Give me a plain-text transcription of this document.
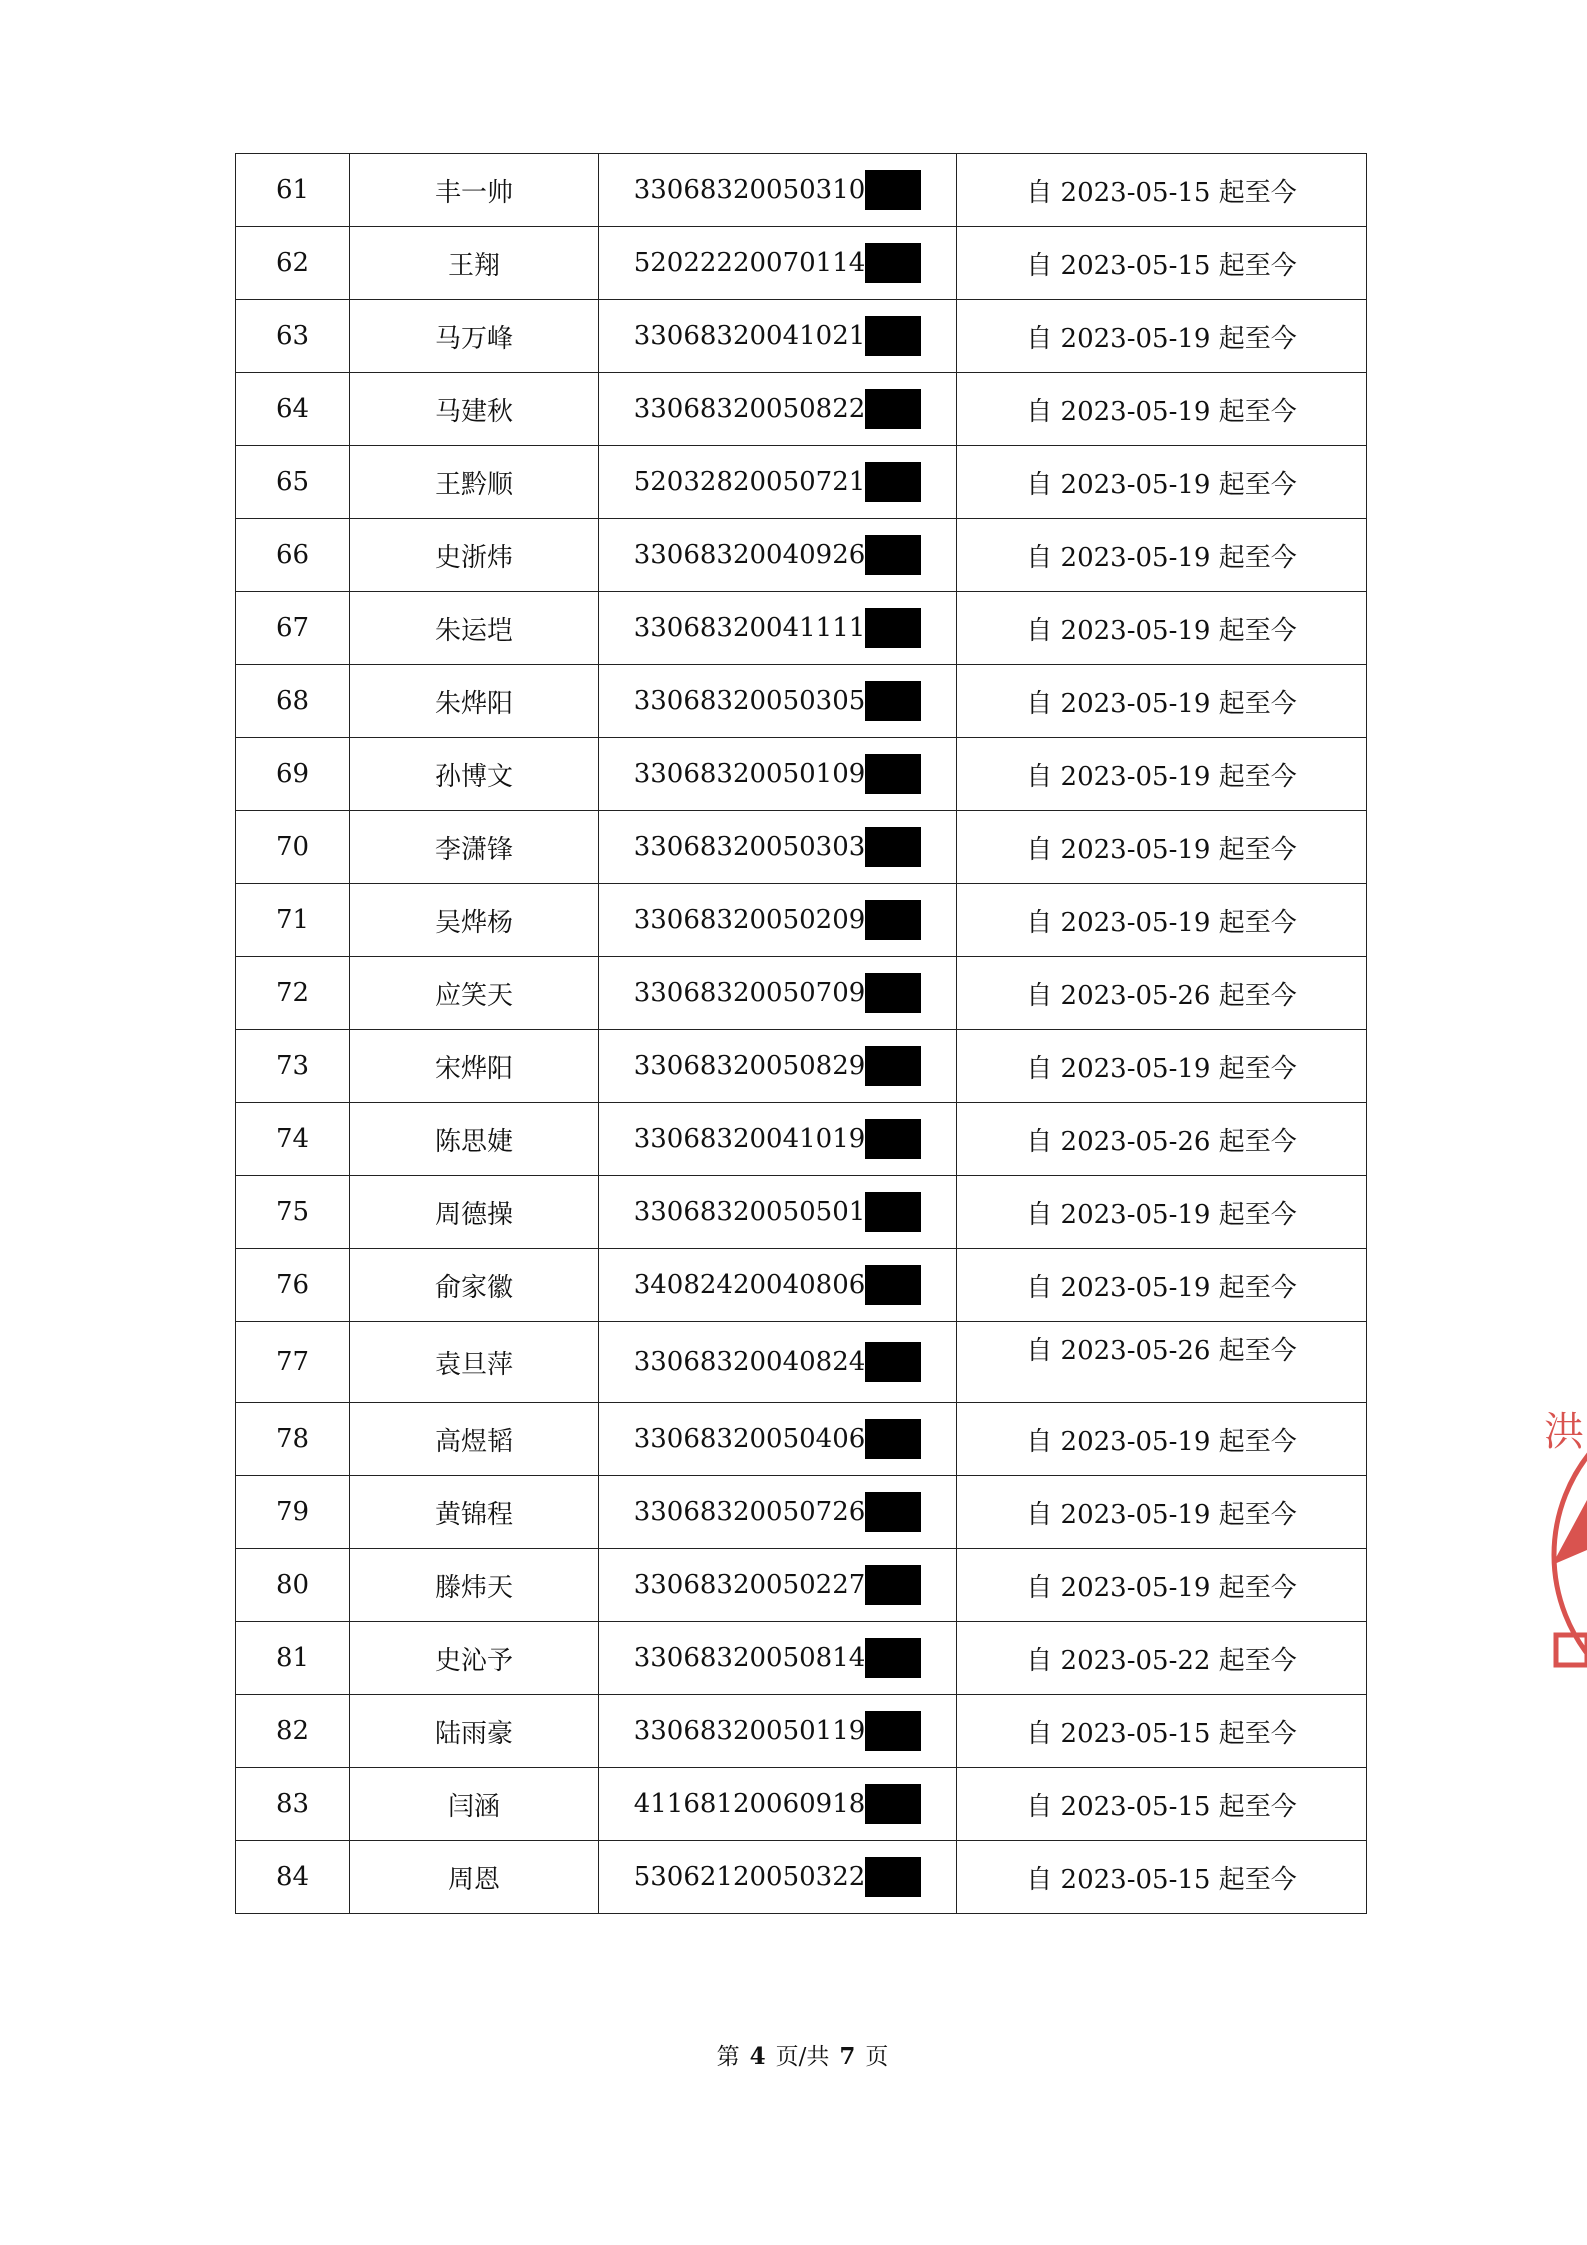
61	丰一帅	33068320050310	自 2023-05-15 起至今
62	王翔	52022220070114	自 2023-05-15 起至今
63	马万峰	33068320041021	自 2023-05-19 起至今
64	马建秋	33068320050822	自 2023-05-19 起至今
65	王黔顺	52032820050721	自 2023-05-19 起至今
66	史浙炜	33068320040926	自 2023-05-19 起至今
67	朱运垲	33068320041111	自 2023-05-19 起至今
68	朱烨阳	33068320050305	自 2023-05-19 起至今
69	孙博文	33068320050109	自 2023-05-19 起至今
70	李潇锋	33068320050303	自 2023-05-19 起至今
71	吴烨杨	33068320050209	自 2023-05-19 起至今
72	应笑天	33068320050709	自 2023-05-26 起至今
73	宋烨阳	33068320050829	自 2023-05-19 起至今
74	陈思婕	33068320041019	自 2023-05-26 起至今
75	周德操	33068320050501	自 2023-05-19 起至今
76	俞家徽	34082420040806	自 2023-05-19 起至今
77	袁旦萍	33068320040824	自 2023-05-26 起至今
78	高煜韬	33068320050406	自 2023-05-19 起至今
79	黄锦程	33068320050726	自 2023-05-19 起至今
80	滕炜天	33068320050227	自 2023-05-19 起至今
81	史沁予	33068320050814	自 2023-05-22 起至今
82	陆雨豪	33068320050119	自 2023-05-15 起至今
83	闫涵	41168120060918	自 2023-05-15 起至今
84	周恩	53062120050322	自 2023-05-15 起至今
第 4 页/共 7 页
洪
